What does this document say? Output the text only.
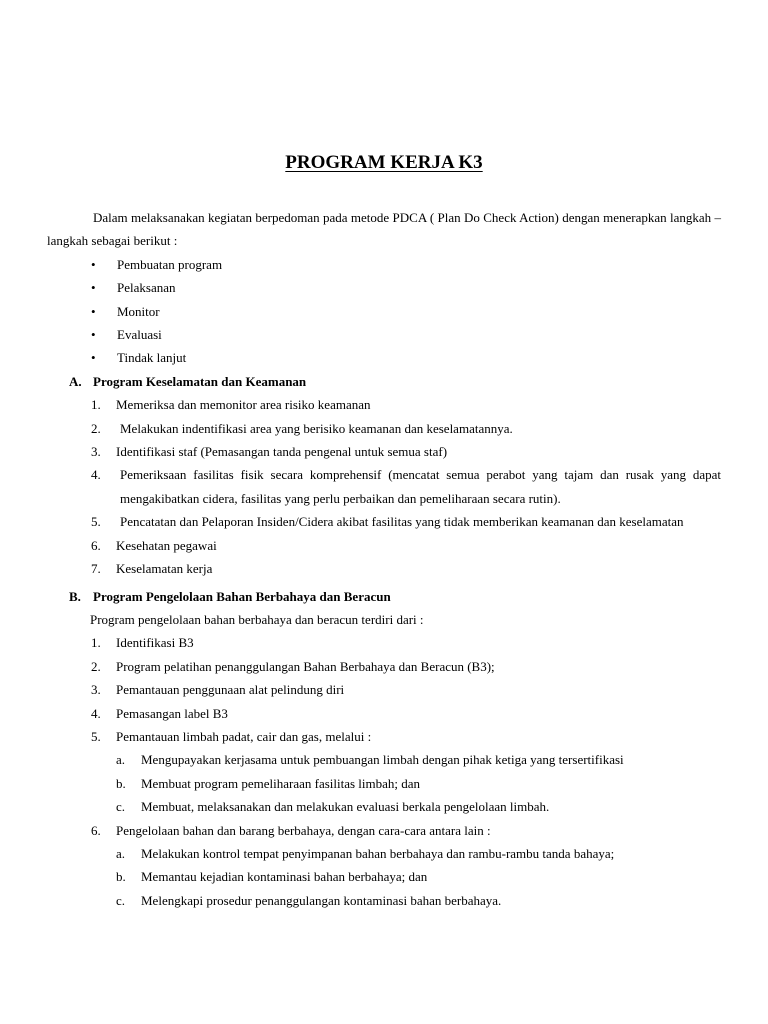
PROGRAM KERJA K3

Dalam melaksanakan kegiatan berpedoman pada metode PDCA ( Plan Do Check Action) dengan menerapkan langkah – langkah sebagai berikut :

• Pembuatan program
• Pelaksanan
• Monitor
• Evaluasi
• Tindak lanjut
A. Program Keselamatan dan Keamanan
1. Memeriksa dan memonitor area risiko keamanan
2. Melakukan indentifikasi area yang berisiko keamanan dan keselamatannya.
3. Identifikasi staf (Pemasangan tanda pengenal untuk semua staf)
4. Pemeriksaan fasilitas fisik secara komprehensif (mencatat semua perabot yang tajam dan rusak yang dapat mengakibatkan cidera, fasilitas yang perlu perbaikan dan pemeliharaan secara rutin).
5. Pencatatan dan Pelaporan Insiden/Cidera akibat fasilitas yang tidak memberikan keamanan dan keselamatan
6. Kesehatan pegawai
7. Keselamatan kerja
B. Program Pengelolaan Bahan Berbahaya dan Beracun
Program pengelolaan bahan berbahaya dan beracun terdiri dari :
1. Identifikasi B3
2. Program pelatihan penanggulangan Bahan Berbahaya dan Beracun (B3);
3. Pemantauan penggunaan alat pelindung diri
4. Pemasangan label B3
5. Pemantauan limbah padat, cair dan gas, melalui :
a. Mengupayakan kerjasama untuk pembuangan limbah dengan pihak ketiga yang tersertifikasi
b. Membuat program pemeliharaan fasilitas limbah; dan
c. Membuat, melaksanakan dan melakukan evaluasi berkala pengelolaan limbah.
6. Pengelolaan bahan dan barang berbahaya, dengan cara-cara antara lain :
a. Melakukan kontrol tempat penyimpanan bahan berbahaya dan rambu-rambu tanda bahaya;
b. Memantau kejadian kontaminasi bahan berbahaya; dan
c. Melengkapi prosedur penanggulangan kontaminasi bahan berbahaya.
